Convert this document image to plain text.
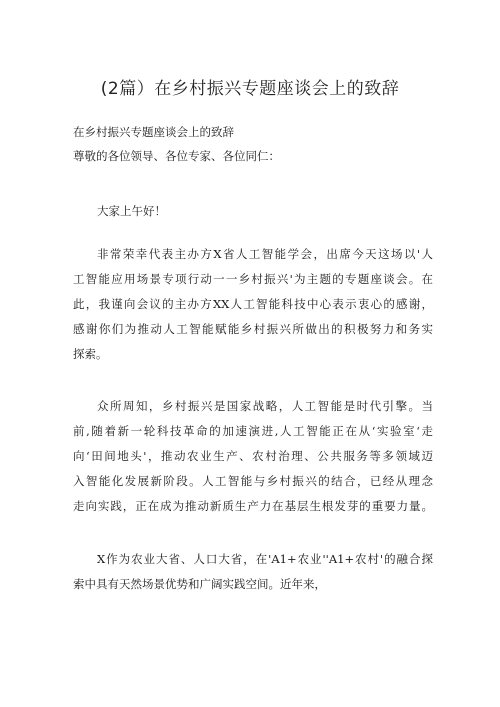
(2篇）在乡村振兴专题座谈会上的致辞
在乡村振兴专题座谈会上的致辞
尊敬的各位领导、各位专家、各位同仁：
大家上午好！
非常荣幸代表主办方X省人工智能学会，出席今天这场以'人
工智能应用场景专项行动一一乡村振兴'为主题的专题座谈会。在
此，我谨向会议的主办方XX人工智能科技中心表示衷心的感谢，
感谢你们为推动人工智能赋能乡村振兴所做出的积极努力和务实
探索。
众所周知，乡村振兴是国家战略，人工智能是时代引擎。当
前,随着新一轮科技革命的加速演进,人工智能正在从‘实验室‘走
向‘田间地头'，推动农业生产、农村治理、公共服务等多领域迈
入智能化发展新阶段。人工智能与乡村振兴的结合，已经从理念
走向实践，正在成为推动新质生产力在基层生根发芽的重要力量。
X作为农业大省、人口大省，在'A1+农业''A1+农村'的融合探
索中具有天然场景优势和广阔实践空间。近年来，
